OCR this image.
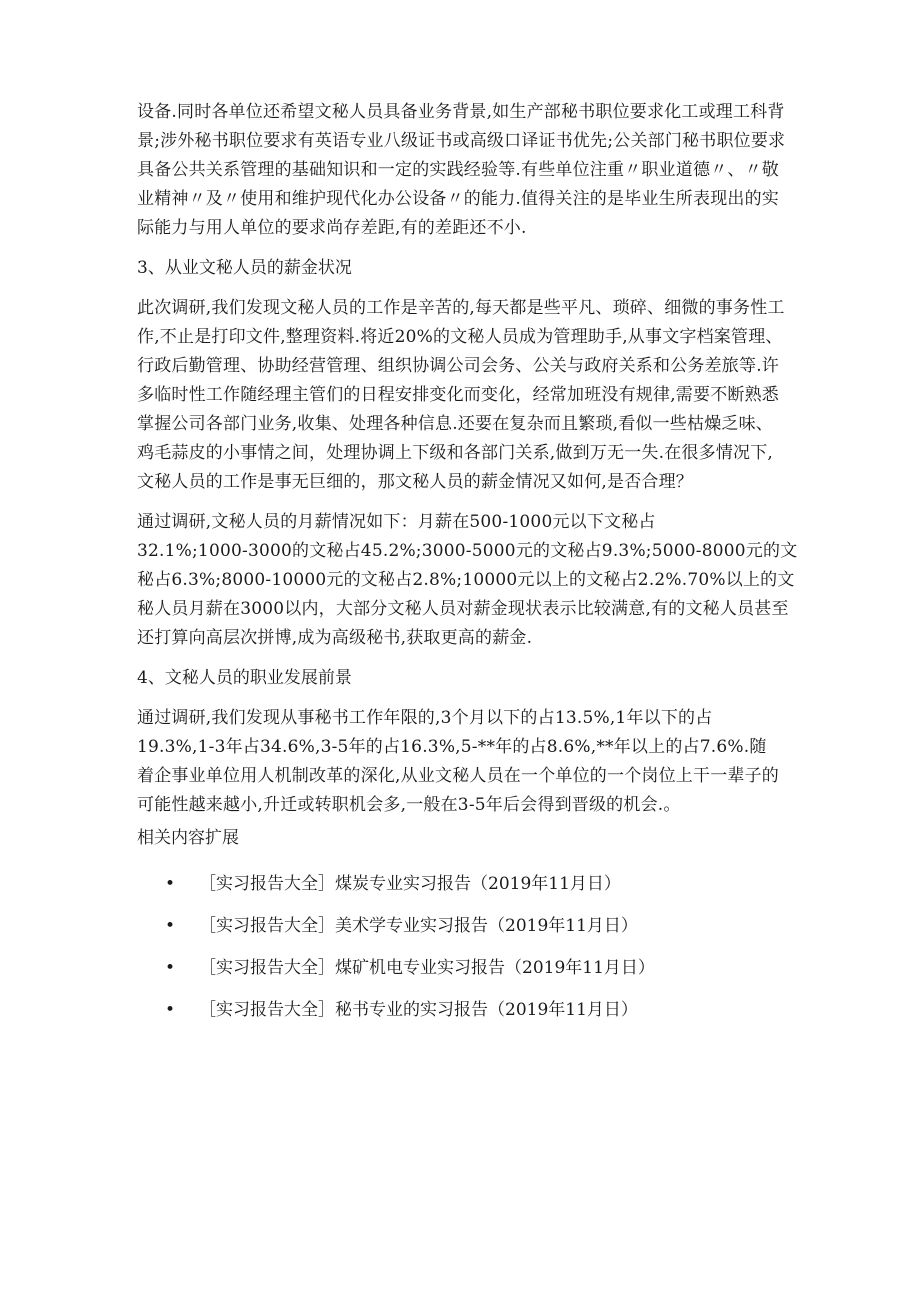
设备.同时各单位还希望文秘人员具备业务背景,如生产部秘书职位要求化工或理工科背
景;涉外秘书职位要求有英语专业八级证书或高级口译证书优先;公关部门秘书职位要求
具备公共关系管理的基础知识和一定的实践经验等.有些单位注重〃职业道德〃、〃敬
业精神〃及〃使用和维护现代化办公设备〃的能力.值得关注的是毕业生所表现出的实
际能力与用人单位的要求尚存差距,有的差距还不小.

3、从业文秘人员的薪金状况

此次调研,我们发现文秘人员的工作是辛苦的,每天都是些平凡、琐碎、细微的事务性工
作,不止是打印文件,整理资料.将近20%的文秘人员成为管理助手,从事文字档案管理、
行政后勤管理、协助经营管理、组织协调公司会务、公关与政府关系和公务差旅等.许
多临时性工作随经理主管们的日程安排变化而变化，经常加班没有规律,需要不断熟悉
掌握公司各部门业务,收集、处理各种信息.还要在复杂而且繁琐,看似一些枯燥乏味、
鸡毛蒜皮的小事情之间，处理协调上下级和各部门关系,做到万无一失.在很多情况下,
文秘人员的工作是事无巨细的，那文秘人员的薪金情况又如何,是否合理？

通过调研,文秘人员的月薪情况如下：月薪在500-1000元以下文秘占
32.1%;1000-3000的文秘占45.2%;3000-5000元的文秘占9.3%;5000-8000元的文
秘占6.3%;8000-10000元的文秘占2.8%;10000元以上的文秘占2.2%.70%以上的文
秘人员月薪在3000以内，大部分文秘人员对薪金现状表示比较满意,有的文秘人员甚至
还打算向高层次拼博,成为高级秘书,获取更高的薪金.

4、文秘人员的职业发展前景

通过调研,我们发现从事秘书工作年限的,3个月以下的占13.5%,1年以下的占
19.3%,1-3年占34.6%,3-5年的占16.3%,5-**年的占8.6%,**年以上的占7.6%.随
着企事业单位用人机制改革的深化,从业文秘人员在一个单位的一个岗位上干一辈子的
可能性越来越小,升迁或转职机会多,一般在3-5年后会得到晋级的机会.。

相关内容扩展
• ［实习报告大全］煤炭专业实习报告（2019年11月日）
• ［实习报告大全］美术学专业实习报告（2019年11月日）
• ［实习报告大全］煤矿机电专业实习报告（2019年11月日）
• ［实习报告大全］秘书专业的实习报告（2019年11月日）
